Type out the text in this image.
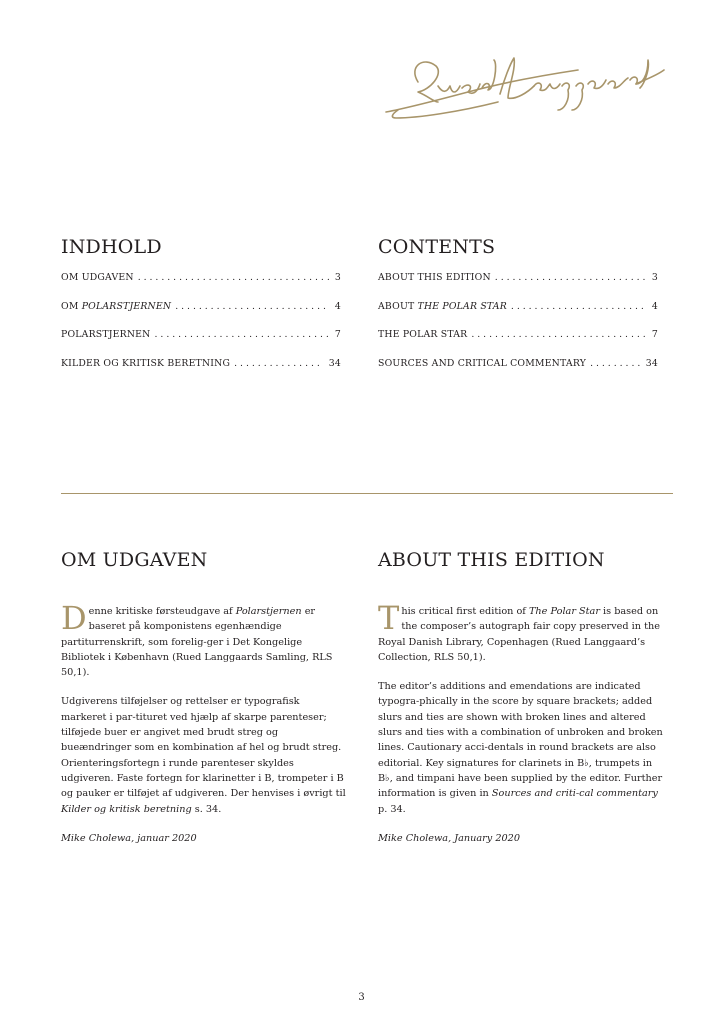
INDHOLD
OM UDGAVEN . . .	3
OM POLARSTJERNEN . . .	4
POLARSTJERNEN . . .	7
KILDER OG KRITISK BERETNING . . .	34
CONTENTS
ABOUT THIS EDITION . . .	3
ABOUT THE POLAR STAR . . .	4
THE POLAR STAR . . .	7
SOURCES AND CRITICAL COMMENTARY . . .	34
OM UDGAVEN

Denne kritiske førsteudgave af Polarstjernen er baseret på komponistens egenhændige partiturrenskrift, som forelig-ger i Det Kongelige Bibliotek i København (Rued Langgaards Samling, RLS 50,1).

Udgiverens tilføjelser og rettelser er typografisk markeret i par-tituret ved hjælp af skarpe parenteser; tilføjede buer er angivet med brudt streg og bueændringer som en kombination af hel og brudt streg. Orienteringsfortegn i runde parenteser skyldes udgiveren. Faste fortegn for klarinetter i B, trompeter i B og pauker er tilføjet af udgiveren. Der henvises i øvrigt til Kilder og kritisk beretning s. 34.

Mike Cholewa, januar 2020

ABOUT THIS EDITION

This critical first edition of The Polar Star is based on the composer’s autograph fair copy preserved in the Royal Danish Library, Copenhagen (Rued Langgaard’s Collection, RLS 50,1).

The editor’s additions and emendations are indicated typogra-phically in the score by square brackets; added slurs and ties are shown with broken lines and altered slurs and ties with a combination of unbroken and broken lines. Cautionary acci-dentals in round brackets are also editorial. Key signatures for clarinets in B♭, trumpets in B♭, and timpani have been supplied by the editor. Further information is given in Sources and criti-cal commentary p. 34.

Mike Cholewa, January 2020

3
